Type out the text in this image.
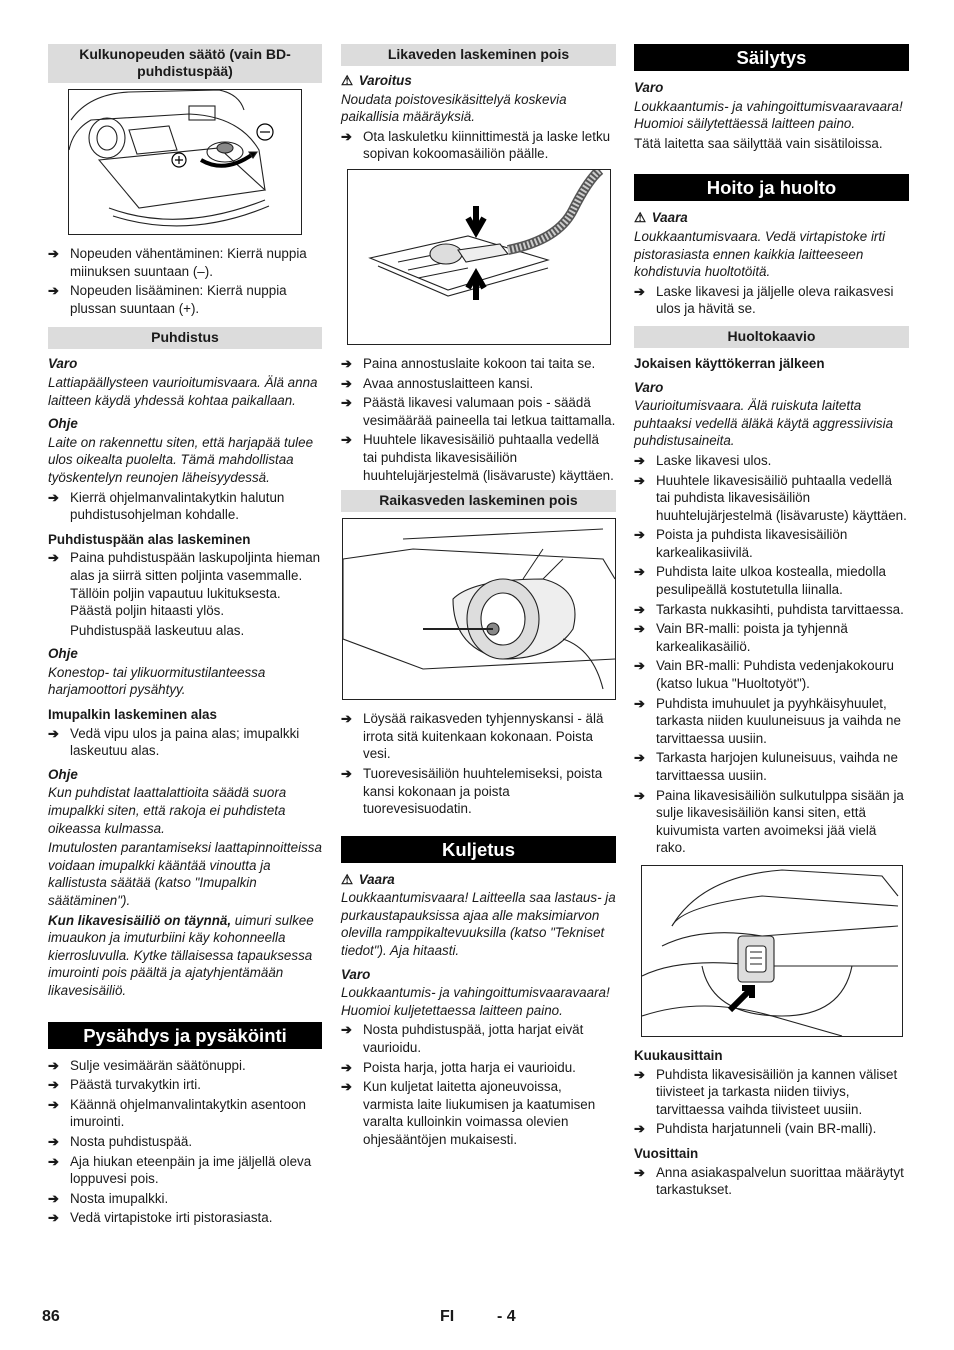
Kulkunopeuden säätö (vain BD-puhdistuspää)
➔ Nopeuden vähentäminen: Kierrä nuppia miinuksen suuntaan (–).
➔ Nopeuden lisääminen: Kierrä nuppia plussan suuntaan (+).
Puhdistus

Varo

Lattiapäällysteen vaurioitumisvaara. Älä anna laitteen käydä yhdessä kohtaa paikallaan.

Ohje

Laite on rakennettu siten, että harjapää tulee ulos oikealta puolelta. Tämä mahdollistaa työskentelyn reunojen läheisyydessä.

➔ Kierrä ohjelmanvalintakytkin halutun puhdistusohjelman kohdalle.

Puhdistuspään alas laskeminen

➔ Paina puhdistuspään laskupoljinta hieman alas ja siirrä sitten poljinta vasemmalle. Tällöin poljin vapautuu lukituksesta. Päästä poljin hitaasti ylös.

Puhdistuspää laskeutuu alas.

Ohje

Konestop- tai ylikuormitustilanteessa harjamoottori pysähtyy.

Imupalkin laskeminen alas

➔ Vedä vipu ulos ja paina alas; imupalkki laskeutuu alas.

Ohje

Kun puhdistat laattalattioita säädä suora imupalkki siten, että rakoja ei puhdisteta oikeassa kulmassa.

Imutulosten parantamiseksi laattapinnoitteissa voidaan imupalkki kääntää vinoutta ja kallistusta säätää (katso "Imupalkin säätäminen").

Kun likavesisäiliö on täynnä, uimuri sulkee imuaukon ja imuturbiini käy kohonneella kierrosluvulla. Kytke tällaisessa tapauksessa imurointi pois päältä ja ajatyhjentämään likavesisäiliö.

Pysähdys ja pysäköinti
➔ Sulje vesimäärän säätönuppi.
➔ Päästä turvakytkin irti.
➔ Käännä ohjelmanvalintakytkin asentoon imurointi.
➔ Nosta puhdistuspää.
➔ Aja hiukan eteenpäin ja ime jäljellä oleva loppuvesi pois.
➔ Nosta imupalkki.
➔ Vedä virtapistoke irti pistorasiasta.
Likaveden laskeminen pois

⚠ Varoitus

Noudata poistovesikäsittelyä koskevia paikallisia määräyksiä.

➔ Ota laskuletku kiinnittimestä ja laske letku sopivan kokoomasäiliön päälle.
➔ Paina annostuslaite kokoon tai taita se.
➔ Avaa annostuslaitteen kansi.
➔ Päästä likavesi valumaan pois - säädä vesimäärää paineella tai letkua taittamalla.
➔ Huuhtele likavesisäiliö puhtaalla vedellä tai puhdista likavesisäiliön huuhtelujärjestelmä (lisävaruste) käyttäen.
Raikasveden laskeminen pois
➔ Löysää raikasveden tyhjennyskansi - älä irrota sitä kuitenkaan kokonaan. Poista vesi.
➔ Tuorevesisäiliön huuhtelemiseksi, poista kansi kokonaan ja poista tuorevesisuodatin.
Kuljetus

⚠ Vaara

Loukkaantumisvaara! Laitteella saa lastaus- ja purkaustapauksissa ajaa alle maksimiarvon olevilla ramppikaltevuuksilla (katso "Tekniset tiedot"). Aja hitaasti.

Varo

Loukkaantumis- ja vahingoittumisvaaravaara! Huomioi kuljetettaessa laitteen paino.

➔ Nosta puhdistuspää, jotta harjat eivät vaurioidu.
➔ Poista harja, jotta harja ei vaurioidu.
➔ Kun kuljetat laitetta ajoneuvoissa, varmista laite liukumisen ja kaatumisen varalta kulloinkin voimassa olevien ohjesääntöjen mukaisesti.
Säilytys

Varo

Loukkaantumis- ja vahingoittumisvaaravaara! Huomioi säilytettäessä laitteen paino.

Tätä laitetta saa säilyttää vain sisätiloissa.

Hoito ja huolto

⚠ Vaara

Loukkaantumisvaara. Vedä virtapistoke irti pistorasiasta ennen kaikkia laitteeseen kohdistuvia huoltotöitä.

➔ Laske likavesi ja jäljelle oleva raikasvesi ulos ja hävitä se.
Huoltokaavio

Jokaisen käyttökerran jälkeen

Varo

Vaurioitumisvaara. Älä ruiskuta laitetta puhtaaksi vedellä äläkä käytä aggressiivisia puhdistusaineita.

➔ Laske likavesi ulos.
➔ Huuhtele likavesisäiliö puhtaalla vedellä tai puhdista likavesisäiliön huuhtelujärjestelmä (lisävaruste) käyttäen.
➔ Poista ja puhdista likavesisäiliön karkealikasiivilä.
➔ Puhdista laite ulkoa kostealla, miedolla pesulipeällä kostutetulla liinalla.
➔ Tarkasta nukkasihti, puhdista tarvittaessa.
➔ Vain BR-malli: poista ja tyhjennä karkealikasäiliö.
➔ Vain BR-malli: Puhdista vedenjakokouru (katso lukua "Huoltotyöt").
➔ Puhdista imuhuulet ja pyyhkäisyhuulet, tarkasta niiden kuuluneisuus ja vaihda ne tarvittaessa uusiin.
➔ Tarkasta harjojen kuluneisuus, vaihda ne tarvittaessa uusiin.
➔ Paina likavesisäiliön sulkutulppa sisään ja sulje likavesisäiliön kansi siten, että kuivumista varten avoimeksi jää vielä rako.

Kuukausittain

➔ Puhdista likavesisäiliön ja kannen väliset tiivisteet ja tarkasta niiden tiiviys, tarvittaessa vaihda tiivisteet uusiin.
➔ Puhdista harjatunneli (vain BR-malli).

Vuosittain

➔ Anna asiakaspalvelun suorittaa määräytyt tarkastukset.
86	FI	- 4
